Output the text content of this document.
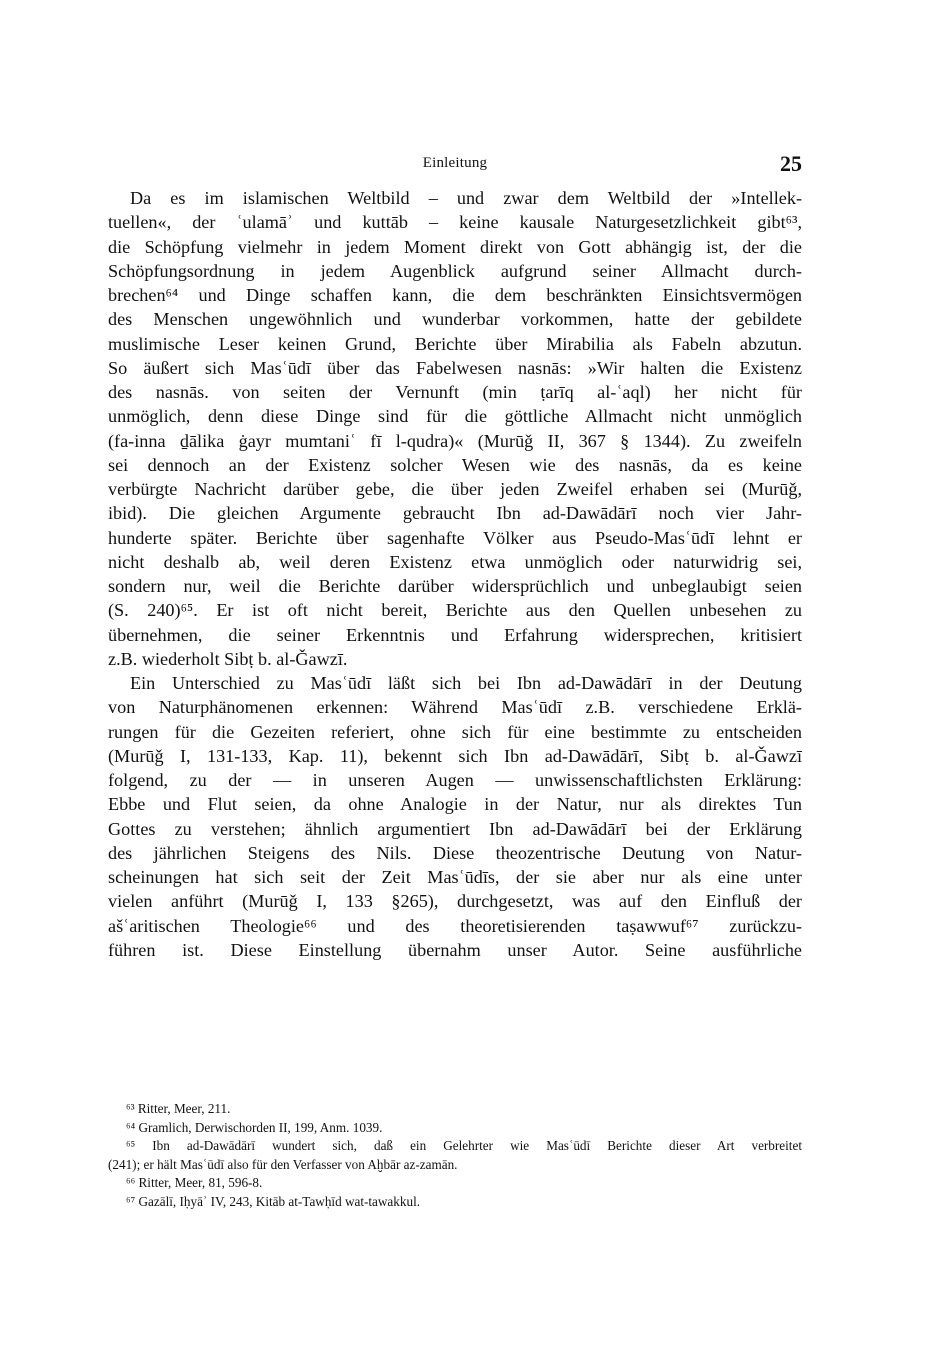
Einleitung	25
Da es im islamischen Weltbild – und zwar dem Weltbild der »Intellek-
tuellen«, der ʿulamāʾ und kuttāb – keine kausale Naturgesetzlichkeit gibt⁶³,
die Schöpfung vielmehr in jedem Moment direkt von Gott abhängig ist, der die
Schöpfungsordnung in jedem Augenblick aufgrund seiner Allmacht durch-
brechen⁶⁴ und Dinge schaffen kann, die dem beschränkten Einsichtsvermögen
des Menschen ungewöhnlich und wunderbar vorkommen, hatte der gebildete
muslimische Leser keinen Grund, Berichte über Mirabilia als Fabeln abzutun.
So äußert sich Masʿūdī über das Fabelwesen nasnās: »Wir halten die Existenz
des nasnās. von seiten der Vernunft (min ṭarīq al-ʿaql) her nicht für
unmöglich, denn diese Dinge sind für die göttliche Allmacht nicht unmöglich
(fa-inna ḏālika ġayr mumtaniʿ fī l-qudra)« (Murūǧ II, 367 § 1344). Zu zweifeln
sei dennoch an der Existenz solcher Wesen wie des nasnās, da es keine
verbürgte Nachricht darüber gebe, die über jeden Zweifel erhaben sei (Murūǧ,
ibid). Die gleichen Argumente gebraucht Ibn ad-Dawādārī noch vier Jahr-
hunderte später. Berichte über sagenhafte Völker aus Pseudo-Masʿūdī lehnt er
nicht deshalb ab, weil deren Existenz etwa unmöglich oder naturwidrig sei,
sondern nur, weil die Berichte darüber widersprüchlich und unbeglaubigt seien
(S. 240)⁶⁵. Er ist oft nicht bereit, Berichte aus den Quellen unbesehen zu
übernehmen, die seiner Erkenntnis und Erfahrung widersprechen, kritisiert
z.B. wiederholt Sibṭ b. al-Ǧawzī.
Ein Unterschied zu Masʿūdī läßt sich bei Ibn ad-Dawādārī in der Deutung
von Naturphänomenen erkennen: Während Masʿūdī z.B. verschiedene Erklä-
rungen für die Gezeiten referiert, ohne sich für eine bestimmte zu entscheiden
(Murūǧ I, 131-133, Kap. 11), bekennt sich Ibn ad-Dawādārī, Sibṭ b. al-Ǧawzī
folgend, zu der — in unseren Augen — unwissenschaftlichsten Erklärung:
Ebbe und Flut seien, da ohne Analogie in der Natur, nur als direktes Tun
Gottes zu verstehen; ähnlich argumentiert Ibn ad-Dawādārī bei der Erklärung
des jährlichen Steigens des Nils. Diese theozentrische Deutung von Natur-
scheinungen hat sich seit der Zeit Masʿūdīs, der sie aber nur als eine unter
vielen anführt (Murūǧ I, 133 §265), durchgesetzt, was auf den Einfluß der
ašʿaritischen Theologie⁶⁶ und des theoretisierenden taṣawwuf⁶⁷ zurückzu-
führen ist. Diese Einstellung übernahm unser Autor. Seine ausführliche
⁶³ Ritter, Meer, 211.
⁶⁴ Gramlich, Derwischorden II, 199, Anm. 1039.
⁶⁵ Ibn ad-Dawādārī wundert sich, daß ein Gelehrter wie Masʿūdī Berichte dieser Art verbreitet
(241); er hält Masʿūdī also für den Verfasser von Aḫbār az-zamān.
⁶⁶ Ritter, Meer, 81, 596-8.
⁶⁷ Gazālī, Iḥyāʾ IV, 243, Kitāb at-Tawḥīd wat-tawakkul.
